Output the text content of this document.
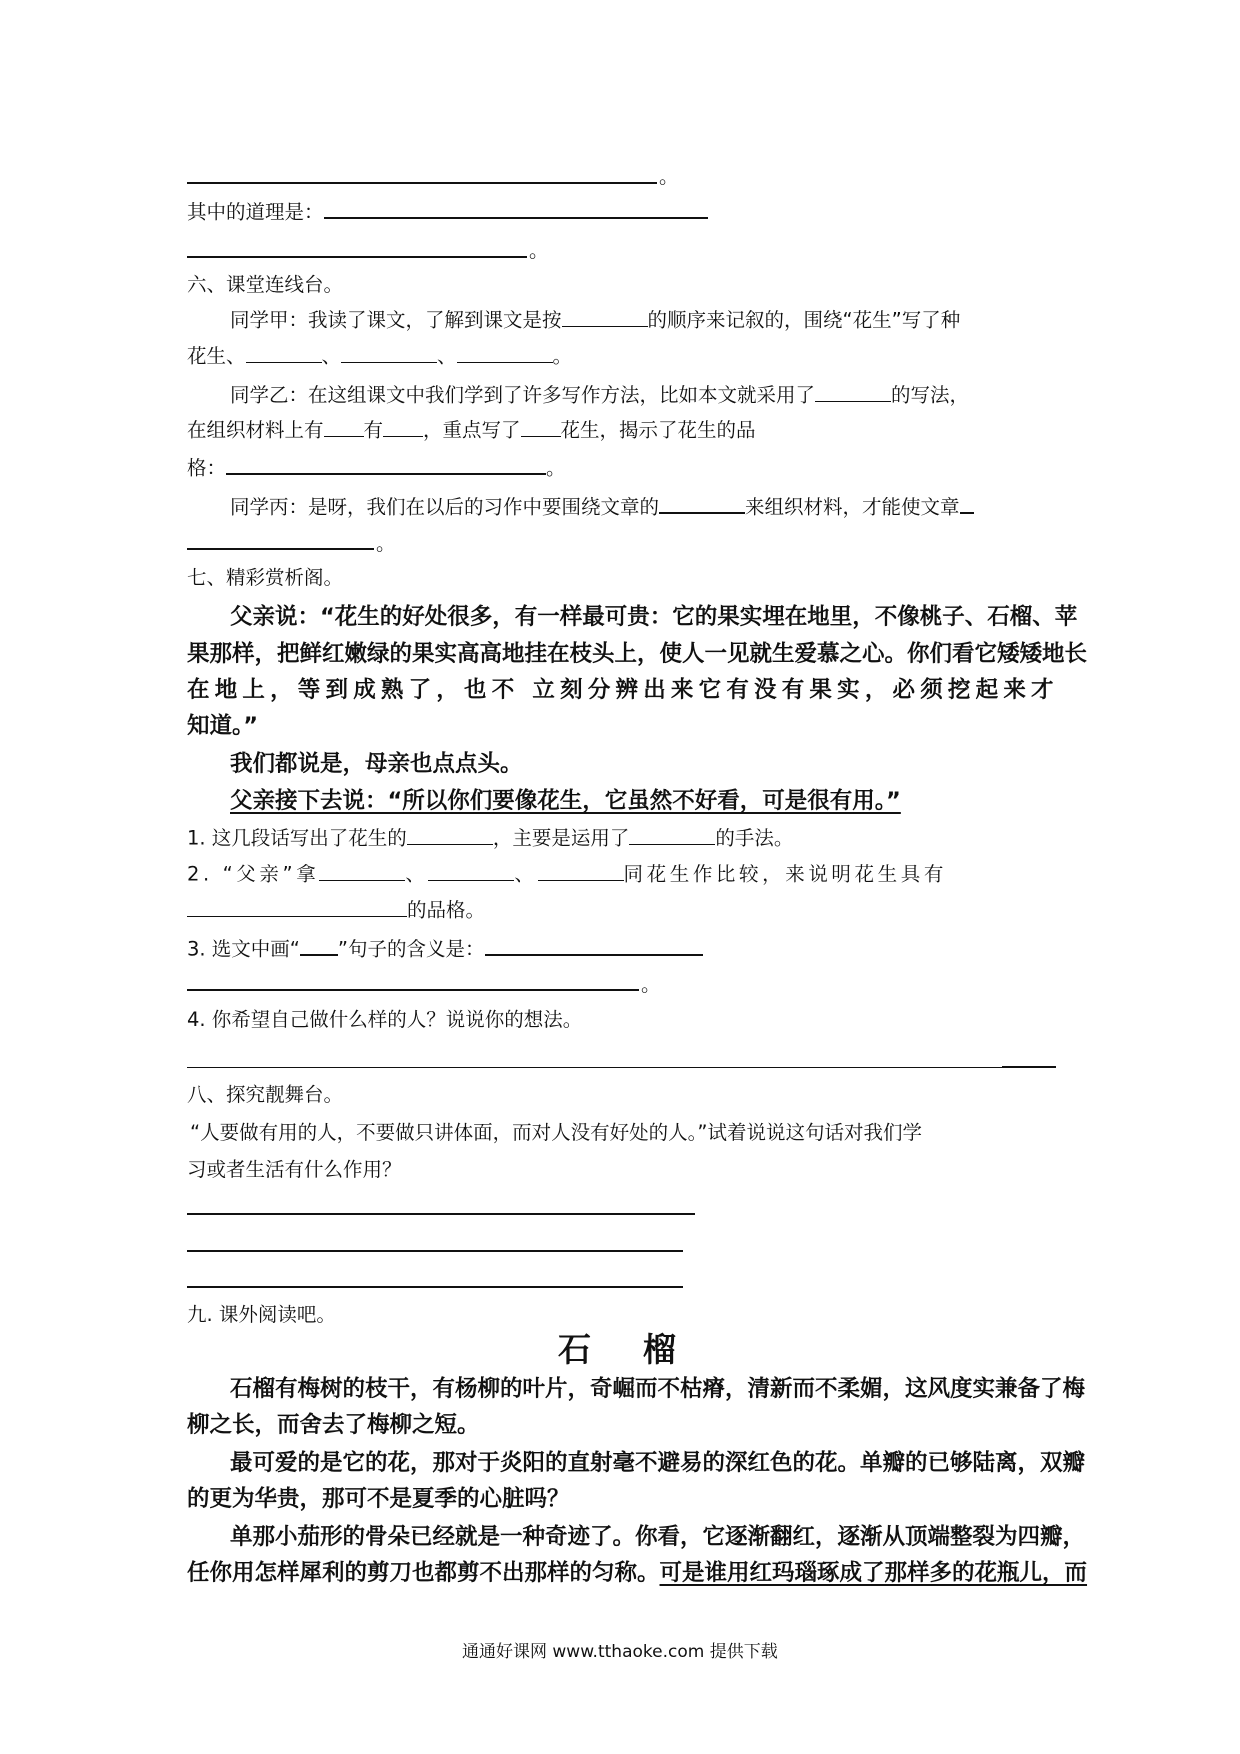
。
其中的道理是：
。
六、课堂连线台。
同学甲：我读了课文，了解到课文是按	的顺序来记叙的，围绕“花生”写了种
花生、	、	、	。
同学乙：在这组课文中我们学到了许多写作方法，比如本文就采用了	的写法，
在组织材料上有 有 ，重点写了 花生，揭示了花生的品
格：	。
同学丙：是呀，我们在以后的习作中要围绕文章的	来组织材料，才能使文章
。
七、精彩赏析阁。
父亲说：“花生的好处很多，有一样最可贵：它的果实埋在地里，不像桃子、石榴、苹
果那样，把鲜红嫩绿的果实高高地挂在枝头上，使人一见就生爱慕之心。你们看它矮矮地长
在地上，等到成熟了，也不 立刻分辨出来它有没有果实，必须挖起来才
知道。”
我们都说是，母亲也点点头。
父亲接下去说：“所以你们要像花生，它虽然不好看，可是很有用。”
1. 这几段话写出了花生的	，主要是运用了	的手法。
2. “父亲”拿	、	、	同花生作比较，来说明花生具有
的品格。
3. 选文中画“ ”句子的含义是：
。
4. 你希望自己做什么样的人？说说你的想法。
八、探究靓舞台。
“人要做有用的人，不要做只讲体面，而对人没有好处的人。”试着说说这句话对我们学
习或者生活有什么作用？
九. 课外阅读吧。
石榴
石榴有梅树的枝干，有杨柳的叶片，奇崛而不枯瘠，清新而不柔媚，这风度实兼备了梅
柳之长，而舍去了梅柳之短。
最可爱的是它的花，那对于炎阳的直射毫不避易的深红色的花。单瓣的已够陆离，双瓣
的更为华贵，那可不是夏季的心脏吗？
单那小茄形的骨朵已经就是一种奇迹了。你看，它逐渐翻红，逐渐从顶端整裂为四瓣，
任你用怎样犀利的剪刀也都剪不出那样的匀称。可是谁用红玛瑙琢成了那样多的花瓶儿，而
通通好课网 www.tthaoke.com 提供下载
